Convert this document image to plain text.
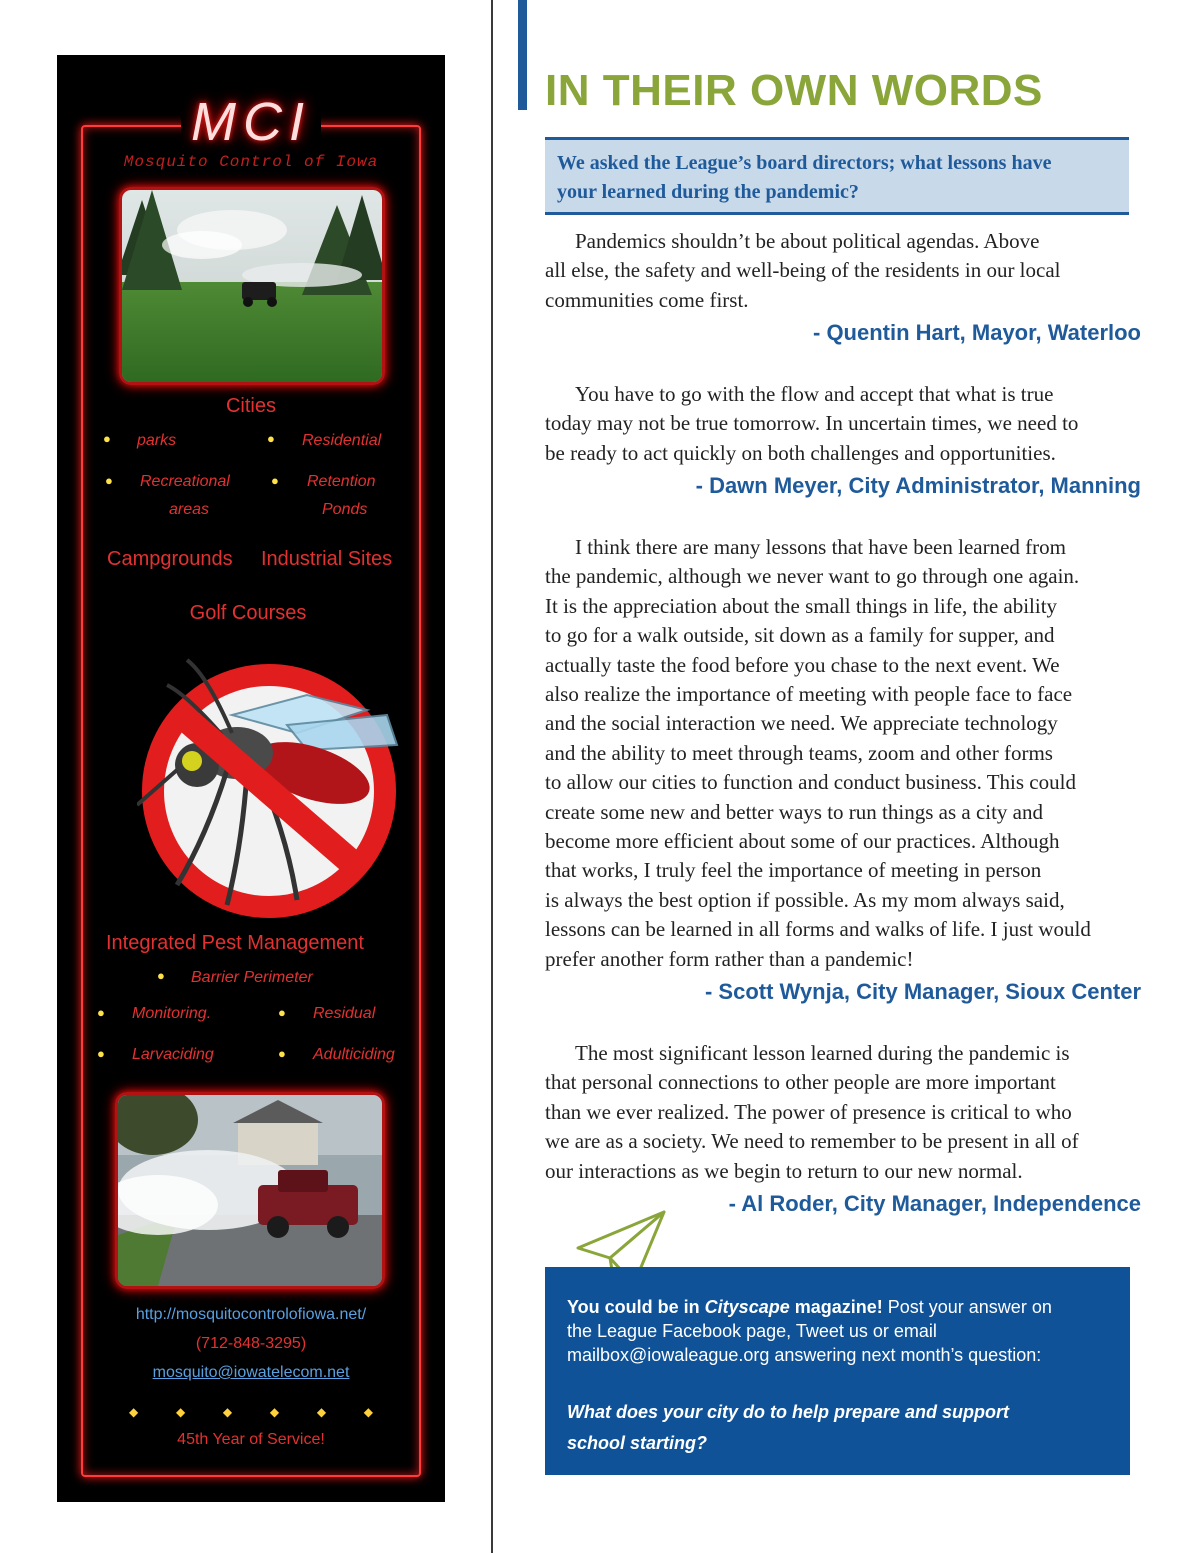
MCI
Mosquito Control of Iowa
Cities
● parks	● Residential
● Recreational
areas
● Retention
Ponds
Campgrounds Industrial Sites
Golf Courses
Integrated Pest Management
● Barrier Perimeter
● Monitoring.	● Residual
● Larvaciding	● Adulticiding
http://mosquitocontrolofiowa.net/
(712-848-3295)
mosquito@iowatelecom.net
◆	◆	◆	◆	◆	◆
45th Year of Service!
IN THEIR OWN WORDS

We asked the League’s board directors; what lessons have

your learned during the pandemic?

Pandemics shouldn’t be about political agendas. Above
all else, the safety and well-being of the residents in our local
communities come first.
- Quentin Hart, Mayor, Waterloo
You have to go with the flow and accept that what is true
today may not be true tomorrow. In uncertain times, we need to
be ready to act quickly on both challenges and opportunities.
- Dawn Meyer, City Administrator, Manning
I think there are many lessons that have been learned from
the pandemic, although we never want to go through one again.
It is the appreciation about the small things in life, the ability
to go for a walk outside, sit down as a family for supper, and
actually taste the food before you chase to the next event. We
also realize the importance of meeting with people face to face
and the social interaction we need. We appreciate technology
and the ability to meet through teams, zoom and other forms
to allow our cities to function and conduct business. This could
create some new and better ways to run things as a city and
become more efficient about some of our practices. Although
that works, I truly feel the importance of meeting in person
is always the best option if possible. As my mom always said,
lessons can be learned in all forms and walks of life. I just would
prefer another form rather than a pandemic!
- Scott Wynja, City Manager, Sioux Center
The most significant lesson learned during the pandemic is
that personal connections to other people are more important
than we ever realized. The power of presence is critical to who
we are as a society. We need to remember to be present in all of
our interactions as we begin to return to our new normal.
- Al Roder, City Manager, Independence
You could be in Cityscape magazine! Post your answer on
the League Facebook page, Tweet us or email
mailbox@iowaleague.org answering next month’s question:
What does your city do to help prepare and support
school starting?
